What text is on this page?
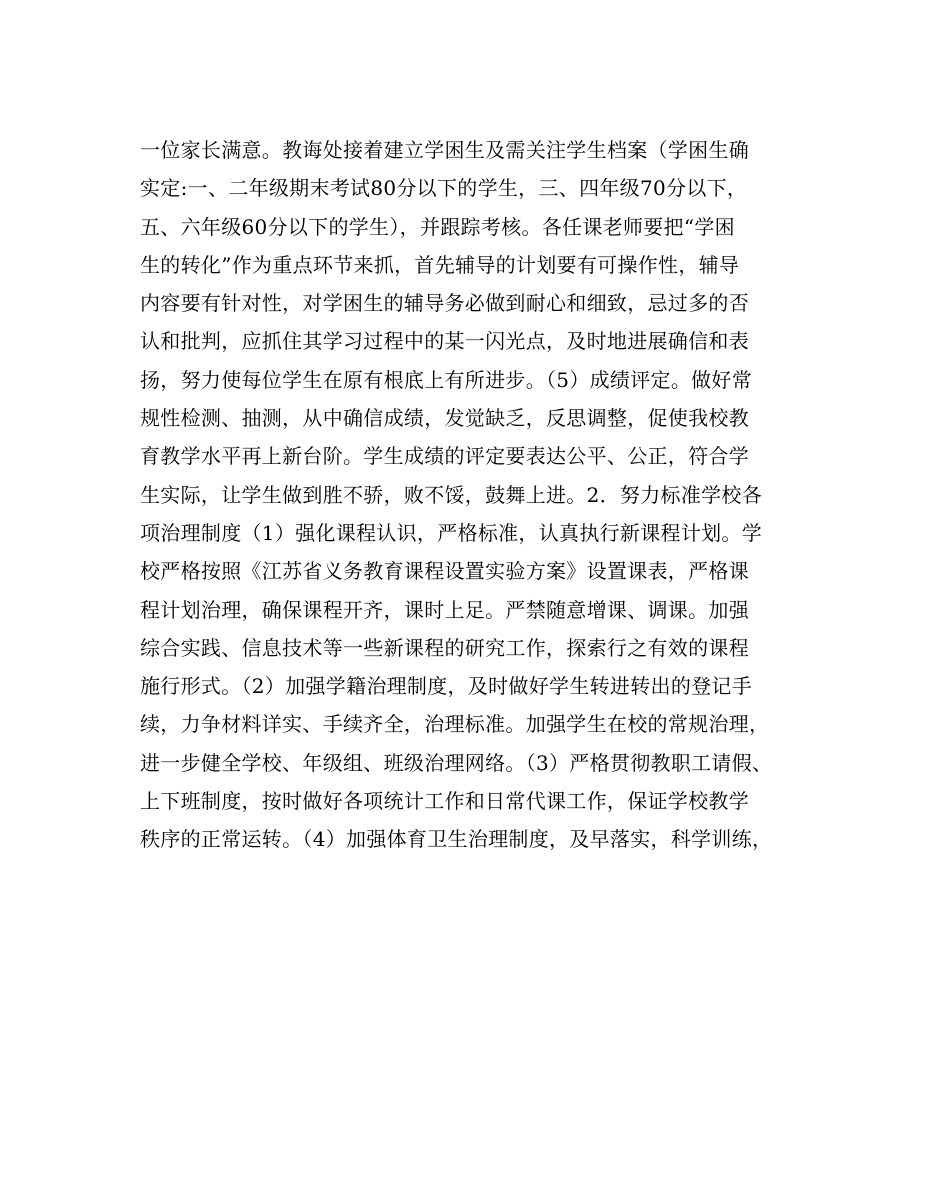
一位家长满意。教诲处接着建立学困生及需关注学生档案（学困生确
实定:一、二年级期末考试80分以下的学生，三、四年级70分以下，
五、六年级60分以下的学生），并跟踪考核。各任课老师要把“学困
生的转化”作为重点环节来抓，首先辅导的计划要有可操作性，辅导
内容要有针对性，对学困生的辅导务必做到耐心和细致，忌过多的否
认和批判，应抓住其学习过程中的某一闪光点，及时地进展确信和表
扬，努力使每位学生在原有根底上有所进步。（5）成绩评定。做好常
规性检测、抽测，从中确信成绩，发觉缺乏，反思调整，促使我校教
育教学水平再上新台阶。学生成绩的评定要表达公平、公正，符合学
生实际，让学生做到胜不骄，败不馁，鼓舞上进。2．努力标准学校各
项治理制度（1）强化课程认识，严格标准，认真执行新课程计划。学
校严格按照《江苏省义务教育课程设置实验方案》设置课表，严格课
程计划治理，确保课程开齐，课时上足。严禁随意增课、调课。加强
综合实践、信息技术等一些新课程的研究工作，探索行之有效的课程
施行形式。（2）加强学籍治理制度，及时做好学生转进转出的登记手
续，力争材料详实、手续齐全，治理标准。加强学生在校的常规治理，
进一步健全学校、年级组、班级治理网络。（3）严格贯彻教职工请假、
上下班制度，按时做好各项统计工作和日常代课工作，保证学校教学
秩序的正常运转。（4）加强体育卫生治理制度，及早落实，科学训练，
